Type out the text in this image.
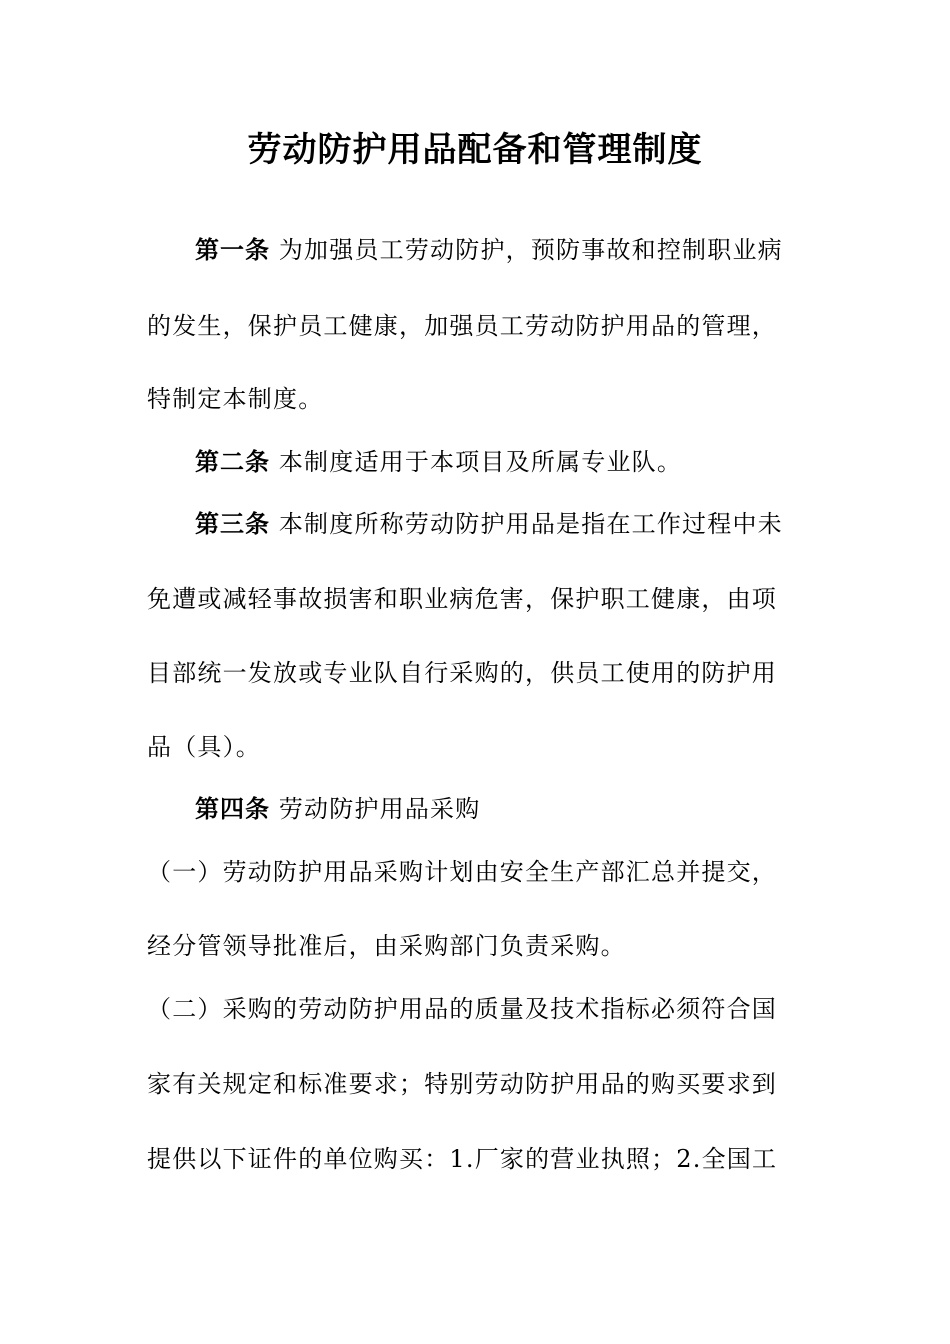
劳动防护用品配备和管理制度
第一条 为加强员工劳动防护，预防事故和控制职业病
的发生，保护员工健康，加强员工劳动防护用品的管理，
特制定本制度。
第二条 本制度适用于本项目及所属专业队。
第三条 本制度所称劳动防护用品是指在工作过程中未
免遭或减轻事故损害和职业病危害，保护职工健康，由项
目部统一发放或专业队自行采购的，供员工使用的防护用
品（具）。
第四条 劳动防护用品采购
（一）劳动防护用品采购计划由安全生产部汇总并提交，
经分管领导批准后，由采购部门负责采购。
（二）采购的劳动防护用品的质量及技术指标必须符合国
家有关规定和标准要求；特别劳动防护用品的购买要求到
提供以下证件的单位购买：1.厂家的营业执照；2.全国工
